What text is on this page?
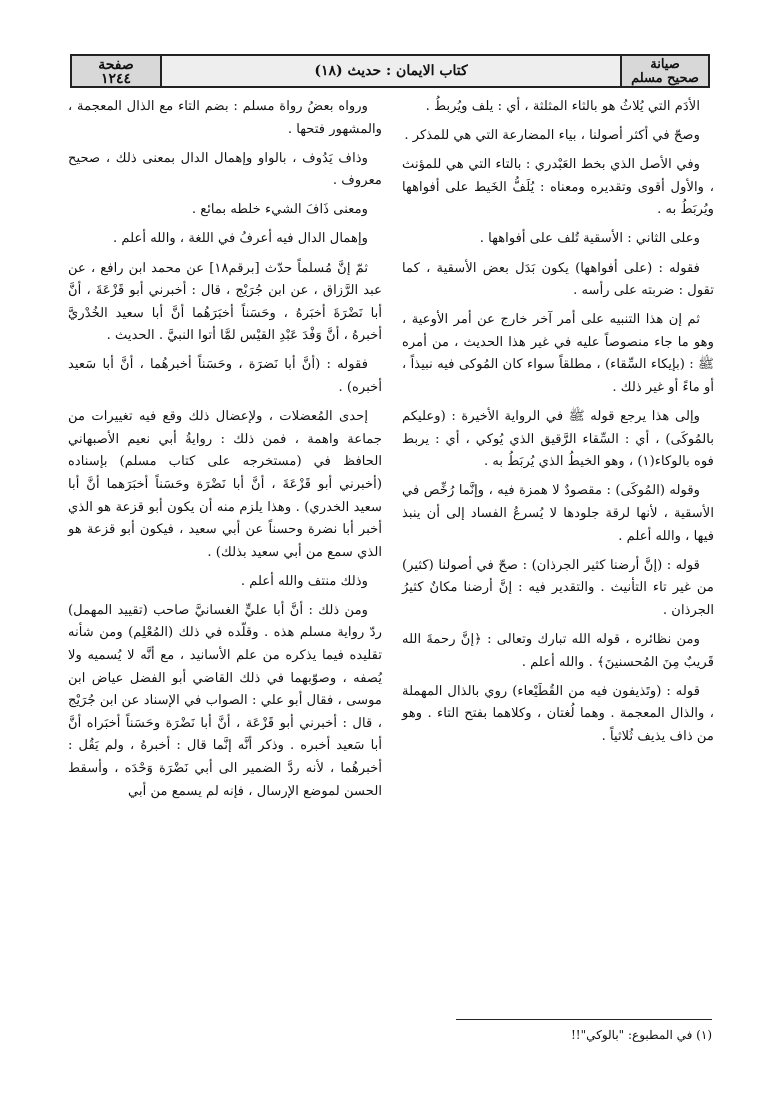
صفحة
١٢٤٤	كتاب الايمان : حديث (١٨)	صيانة
صحيح مسلم

الأدَم التي يُلاثُ هو بالثاء المثلثة ، أي : يلف ويُربطُ .

وصحّ في أكثر أصولنا ، بياء المضارعة التي هي للمذكر .

وفي الأصل الذي بخط العَبْدري : بالتاء التي هي للمؤنث ، والأول أقوى وتقديره ومعناه : يُلَفُّ الخَيط على أفواهها ويُربَطُ به .

وعلى الثاني : الأسقية تُلف على أفواهها .

فقوله : (على أفواهها) يكون بَدَل بعض الأسقية ، كما تقول : ضربته على رأسه .

ثم إن هذا التنبيه على أمر آخر خارج عن أمر الأوعية ، وهو ما جاء منصوصاً عليه في غير هذا الحديث ، من أمره ﷺ : (بإيكاء السِّقاء) ، مطلقاً سواء كان المُوكى فيه نبيذاً ، أو ماءً أو غير ذلك .

وإلى هذا يرجع قوله ﷺ في الرواية الأخيرة : (وعليكم بالمُوكَى) ، أي : السِّقاء الرَّقيق الذي يُوكي ، أي : يربط فوه بالوكاء(١) ، وهو الخيطُ الذي يُربَطُ به .

وقوله (المُوكَى) : مقصودٌ لا همزة فيه ، وإنَّما رُخِّص في الأسقية ، لأنها لرقة جلودها لا يُسرعُ الفساد إلى أن ينبذ فيها ، والله أعلم .

قوله : (إنَّ أرضنا كثير الجرذان) : صحّ في أصولنا (كثير) من غير تاء التأنيث . والتقدير فيه : إنَّ أرضنا مكانٌ كثيرُ الجرذان .

ومن نظائره ، قوله الله تبارك وتعالى : ﴿إنَّ رحمةَ الله قَريبٌ مِنَ المُحسنينَ﴾ . والله أعلم .

قوله : (وتَذيفون فيه من القُطَيْعاء) روي بالذال المهملة ، والذال المعجمة . وهما لُغتان ، وكلاهما بفتح التاء . وهو من ذاف يذيف ثُلاثياً .

ورواه بعضُ رواة مسلم : بضم التاء مع الذال المعجمة ، والمشهور فتحها .

وذاف يَدُوف ، بالواو وإهمال الدال بمعنى ذلك ، صحيح معروف .

ومعنى ذَافَ الشيء خلطه بمائع .

وإهمال الدال فيه أعرفُ في اللغة ، والله أعلم .

ثمّ إنَّ مُسلماً حدّث [برقم١٨] عن محمد ابن رافع ، عن عبد الرَّزاق ، عن ابن جُرَيْج ، قال : أخبرني أبو قَزْعَةَ ، أنَّ أبا نَضْرَةَ أخبَرهُ ، وحَسَناً أخبَرَهُما أنَّ أبا سعيد الخُدْريَّ أخبرهُ ، أنَّ وَفْدَ عَبْدِ القيْس لمَّا أتوا النبيَّ . الحديث .

فقوله : (أنَّ أبا نَضرَة ، وحَسَناً أخبرهُما ، أنَّ أبا سَعيد أخبره) .

إحدى المُعضلات ، ولإعضال ذلك وقع فيه تغييرات من جماعة واهمة ، فمن ذلك : روايةُ أبي نعيم الأصبهاني الحافظ في (مستخرجه على كتاب مسلم) بإسناده (أخبرني أبو قَزْعَةَ ، أنَّ أبا نَضْرَة وحَسَناً أخبَرَهما أنَّ أبا سعيد الخدري) . وهذا يلزم منه أن يكون أبو قزعة هو الذي أخبر أبا نضرة وحسناً عن أبي سعيد ، فيكون أبو قزعة هو الذي سمع من أبي سعيد بذلك) .

وذلك منتف والله أعلم .

ومن ذلك : أنَّ أبا عليٍّ الغسانيَّ صاحب (تقييد المهمل) ردّ رواية مسلم هذه . وقلّده في ذلك (المُعْلِم) ومن شأنه تقليده فيما يذكره من علم الأسانيد ، مع أنَّه لا يُسميه ولا يُصفه ، وصوّبهما في ذلك القاضي أبو الفضل عياض ابن موسى ، فقال أبو علي : الصواب في الإسناد عن ابن جُرَيْج ، قال : أخبرني أبو قَزْعَة ، أنَّ أبا نَضْرَة وحَسَناً أخبَراه أنَّ أبا سَعيد أخبره . وذكر أنَّه إنَّما قال : أخبرهُ ، ولم يَقُل : أخبرهُما ، لأنه ردَّ الضمير الى أبي نَضْرَة وَحْدَه ، وأسقط الحسن لموضع الإرسال ، فإنه لم يسمع من أبي

(١) في المطبوع: "بالوكي"!!
